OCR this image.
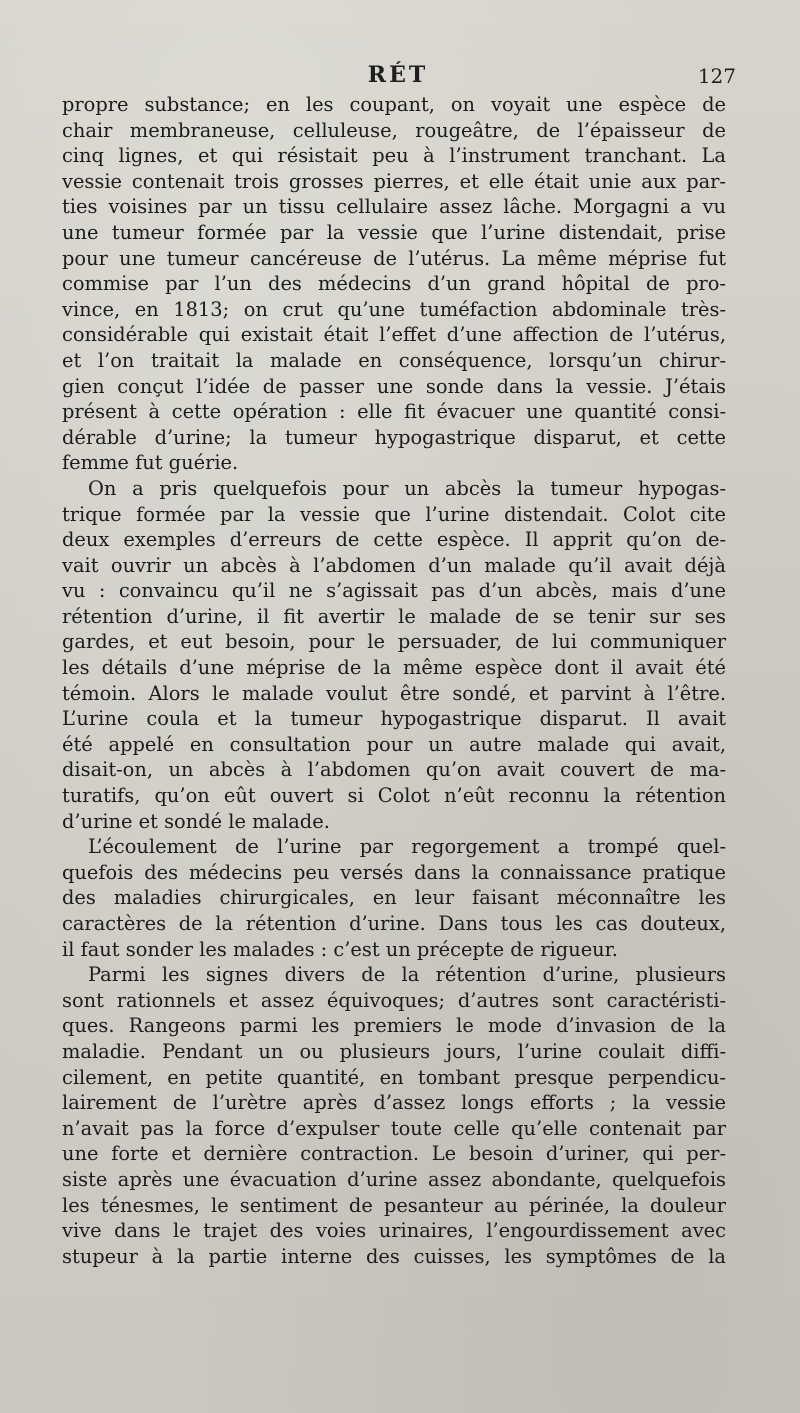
RÉT	127
propre substance; en les coupant, on voyait une espèce de
chair membraneuse, celluleuse, rougeâtre, de l’épaisseur de
cinq lignes, et qui résistait peu à l’instrument tranchant. La
vessie contenait trois grosses pierres, et elle était unie aux par-
ties voisines par un tissu cellulaire assez lâche. Morgagni a vu
une tumeur formée par la vessie que l’urine distendait, prise
pour une tumeur cancéreuse de l’utérus. La même méprise fut
commise par l’un des médecins d’un grand hôpital de pro-
vince, en 1813; on crut qu’une tuméfaction abdominale très-
considérable qui existait était l’effet d’une affection de l’utérus,
et l’on traitait la malade en conséquence, lorsqu’un chirur-
gien conçut l’idée de passer une sonde dans la vessie. J’étais
présent à cette opération : elle fit évacuer une quantité consi-
dérable d’urine; la tumeur hypogastrique disparut, et cette
femme fut guérie.
On a pris quelquefois pour un abcès la tumeur hypogas-
trique formée par la vessie que l’urine distendait. Colot cite
deux exemples d’erreurs de cette espèce. Il apprit qu’on de-
vait ouvrir un abcès à l’abdomen d’un malade qu’il avait déjà
vu : convaincu qu’il ne s’agissait pas d’un abcès, mais d’une
rétention d’urine, il fit avertir le malade de se tenir sur ses
gardes, et eut besoin, pour le persuader, de lui communiquer
les détails d’une méprise de la même espèce dont il avait été
témoin. Alors le malade voulut être sondé, et parvint à l’être.
L’urine coula et la tumeur hypogastrique disparut. Il avait
été appelé en consultation pour un autre malade qui avait,
disait-on, un abcès à l’abdomen qu’on avait couvert de ma-
turatifs, qu’on eût ouvert si Colot n’eût reconnu la rétention
d’urine et sondé le malade.
L’écoulement de l’urine par regorgement a trompé quel-
quefois des médecins peu versés dans la connaissance pratique
des maladies chirurgicales, en leur faisant méconnaître les
caractères de la rétention d’urine. Dans tous les cas douteux,
il faut sonder les malades : c’est un précepte de rigueur.
Parmi les signes divers de la rétention d’urine, plusieurs
sont rationnels et assez équivoques; d’autres sont caractéristi-
ques. Rangeons parmi les premiers le mode d’invasion de la
maladie. Pendant un ou plusieurs jours, l’urine coulait diffi-
cilement, en petite quantité, en tombant presque perpendicu-
lairement de l’urètre après d’assez longs efforts ; la vessie
n’avait pas la force d’expulser toute celle qu’elle contenait par
une forte et dernière contraction. Le besoin d’uriner, qui per-
siste après une évacuation d’urine assez abondante, quelquefois
les ténesmes, le sentiment de pesanteur au périnée, la douleur
vive dans le trajet des voies urinaires, l’engourdissement avec
stupeur à la partie interne des cuisses, les symptômes de la
